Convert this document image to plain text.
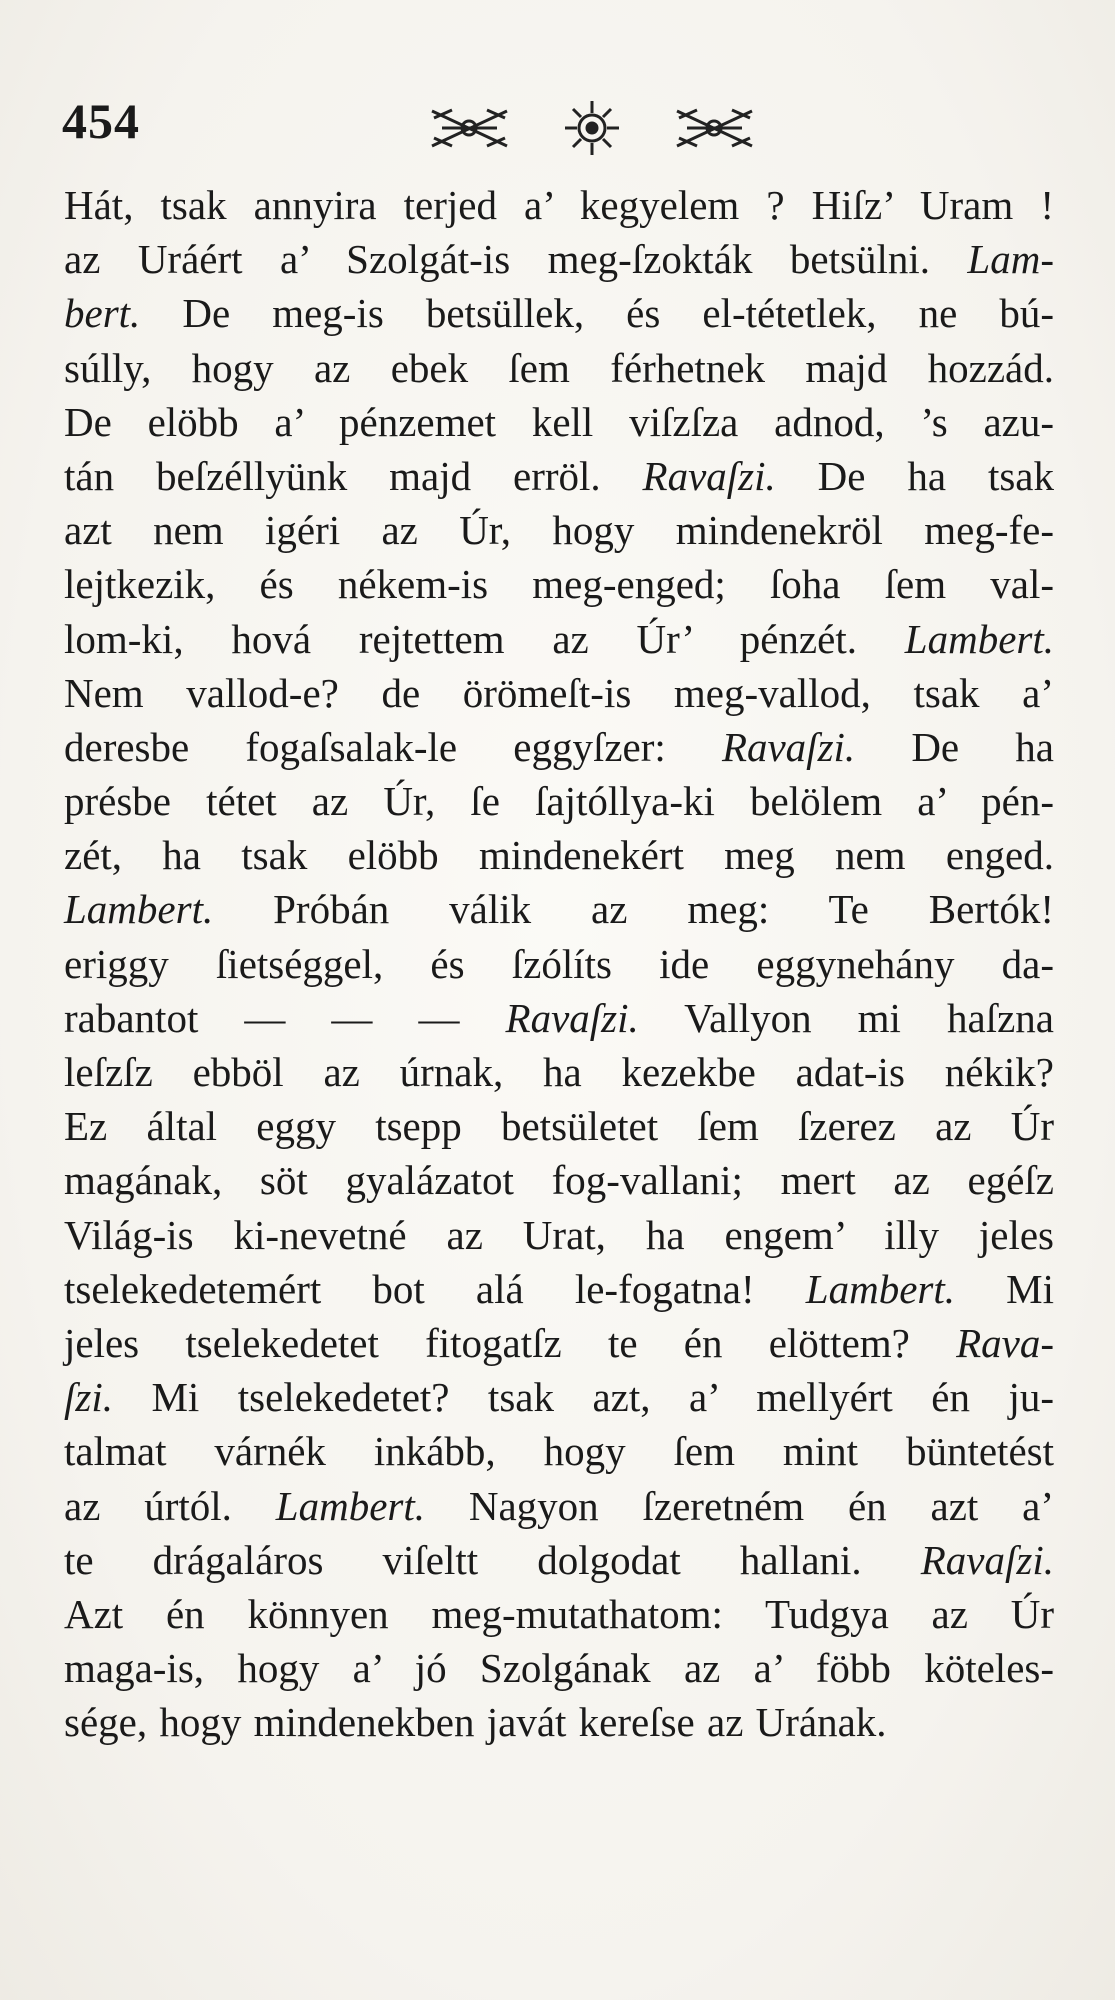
454
Hát, tsak annyira terjed a’ kegyelem ? Hiſz’ Uram !
az Uráért a’ Szolgát-is meg-ſzokták betsülni. Lam-
bert. De meg-is betsüllek, és el-tétetlek, ne bú-
súlly, hogy az ebek ſem férhetnek majd hozzád.
De elöbb a’ pénzemet kell viſzſza adnod, ’s azu-
tán beſzéllyünk majd erröl. Ravaſzi. De ha tsak
azt nem igéri az Úr, hogy mindenekröl meg-fe-
lejtkezik, és nékem-is meg-enged; ſoha ſem val-
lom-ki, hová rejtettem az Úr’ pénzét. Lambert.
Nem vallod-e? de örömeſt-is meg-vallod, tsak a’
deresbe fogaſsalak-le eggyſzer: Ravaſzi. De ha
présbe tétet az Úr, ſe ſajtóllya-ki belölem a’ pén-
zét, ha tsak elöbb mindenekért meg nem enged.
Lambert. Próbán válik az meg: Te Bertók!
eriggy ſietséggel, és ſzólíts ide eggynehány da-
rabantot — — — Ravaſzi. Vallyon mi haſzna
leſzſz ebböl az úrnak, ha kezekbe adat-is nékik?
Ez által eggy tsepp betsületet ſem ſzerez az Úr
magának, söt gyalázatot fog-vallani; mert az egéſz
Világ-is ki-nevetné az Urat, ha engem’ illy jeles
tselekedetemért bot alá le-fogatna! Lambert. Mi
jeles tselekedetet fitogatſz te én elöttem? Rava-
ſzi. Mi tselekedetet? tsak azt, a’ mellyért én ju-
talmat várnék inkább, hogy ſem mint büntetést
az úrtól. Lambert. Nagyon ſzeretném én azt a’
te drágaláros viſeltt dolgodat hallani. Ravaſzi.
Azt én könnyen meg-mutathatom: Tudgya az Úr
maga-is, hogy a’ jó Szolgának az a’ föbb köteles-
sége, hogy mindenekben javát kereſse az Urának.
